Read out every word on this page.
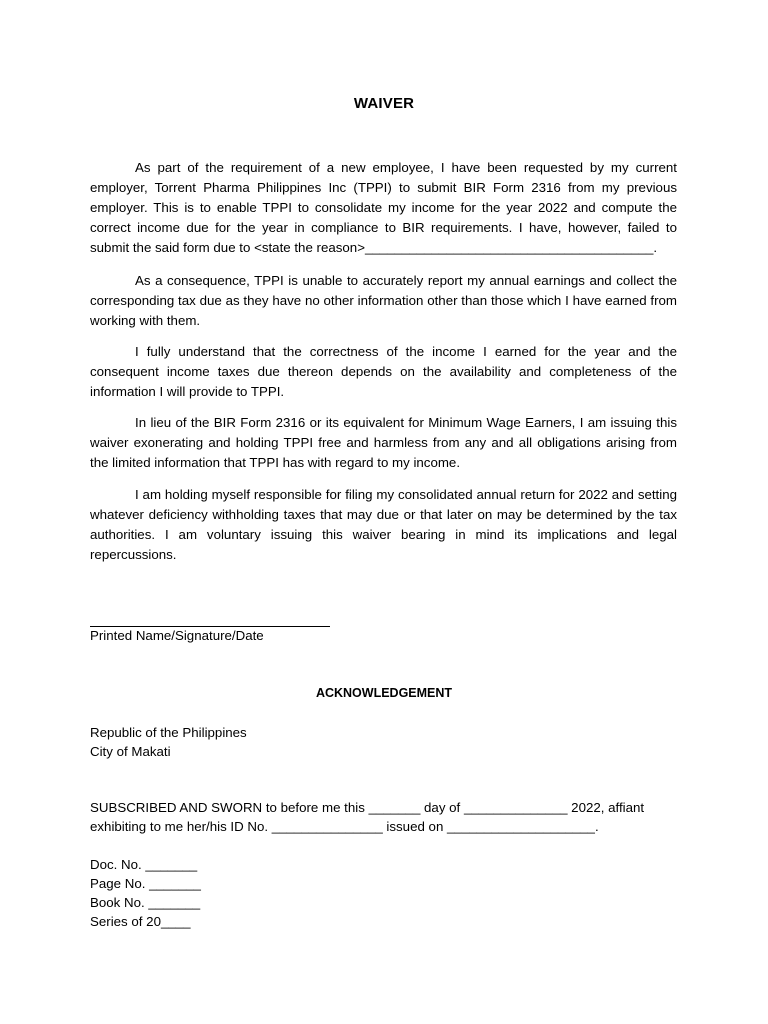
WAIVER

As part of the requirement of a new employee, I have been requested by my current employer, Torrent Pharma Philippines Inc (TPPI) to submit BIR Form 2316 from my previous employer. This is to enable TPPI to consolidate my income for the year 2022 and compute the correct income due for the year in compliance to BIR requirements. I have, however, failed to submit the said form due to <state the reason>_______________________________________.

As a consequence, TPPI is unable to accurately report my annual earnings and collect the corresponding tax due as they have no other information other than those which I have earned from working with them.

I fully understand that the correctness of the income I earned for the year and the consequent income taxes due thereon depends on the availability and completeness of the information I will provide to TPPI.

In lieu of the BIR Form 2316 or its equivalent for Minimum Wage Earners, I am issuing this waiver exonerating and holding TPPI free and harmless from any and all obligations arising from the limited information that TPPI has with regard to my income.

I am holding myself responsible for filing my consolidated annual return for 2022 and setting whatever deficiency withholding taxes that may due or that later on may be determined by the tax authorities. I am voluntary issuing this waiver bearing in mind its implications and legal repercussions.

Printed Name/Signature/Date
ACKNOWLEDGEMENT
Republic of the Philippines
City of Makati
SUBSCRIBED AND SWORN to before me this _______ day of ______________ 2022, affiant
exhibiting to me her/his ID No. _______________ issued on ____________________.
Doc. No. _______
Page No. _______
Book No. _______
Series of 20____
